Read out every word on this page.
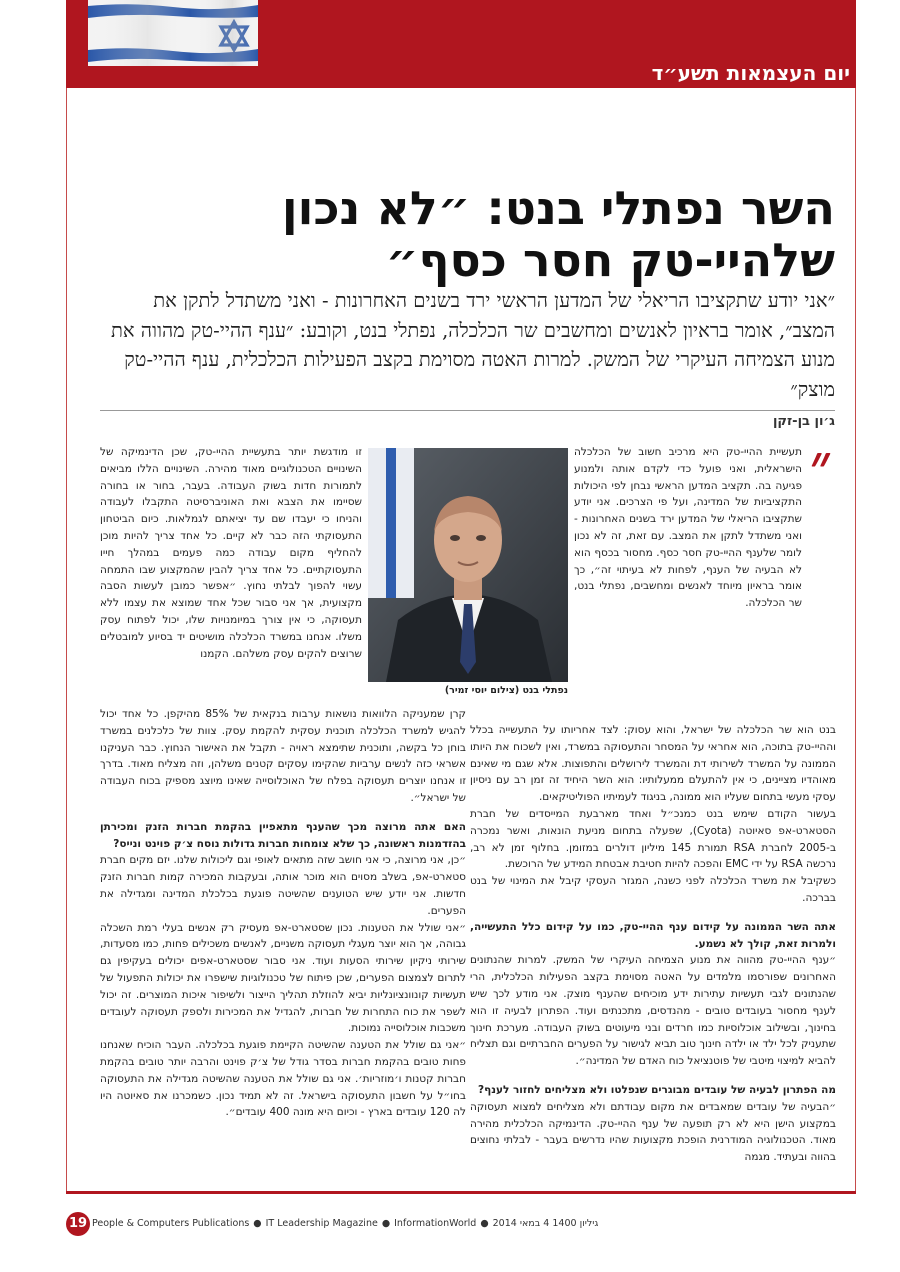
יום העצמאות תשע״ד
השר נפתלי בנט: ״לא נכון שלהיי-טק חסר כסף״
״אני יודע שתקציבו הריאלי של המדען הראשי ירד בשנים האחרונות - ואני משתדל לתקן את המצב״, אומר בראיון לאנשים ומחשבים שר הכלכלה, נפתלי בנט, וקובע: ״ענף ההיי-טק מהווה את מנוע הצמיחה העיקרי של המשק. למרות האטה מסוימת בקצב הפעילות הכלכלית, ענף ההיי-טק מוצק״
ג׳ון בן-זקן
״

תעשיית ההיי-טק היא מרכיב חשוב של הכלכלה הישראלית, ואני פועל כדי לקדם אותה ולמנוע פגיעה בה. תקציב המדען הראשי נבחן לפי היכולות התקציביות של המדינה, ועל פי הצרכים. אני יודע שתקציבו הריאלי של המדען ירד בשנים האחרונות - ואני משתדל לתקן את המצב. עם זאת, זה לא נכון לומר שלענף ההיי-טק חסר כסף. מחסור בכסף הוא לא הבעיה של הענף, לפחות לא בעיתוי זה״, כך אומר בראיון מיוחד לאנשים ומחשבים, נפתלי בנט, שר הכלכלה.

נפתלי בנט (צילום יוסי זמיר)

זו מודגשת יותר בתעשיית ההיי-טק, שכן הדינמיקה של השינויים הטכנולוגיים מאוד מהירה. השינויים הללו מביאים לתמורות חדות בשוק העבודה. בעבר, בחור או בחורה שסיימו את הצבא ואת האוניברסיטה התקבלו לעבודה והניחו כי יעבדו שם עד יציאתם לגמלאות. כיום הביטחון התעסוקתי הזה כבר לא קיים. כל אחד צריך להיות מוכן להחליף מקום עבודה כמה פעמים במהלך חייו התעסוקתיים. כל אחד צריך להבין שהמקצוע שבו התמחה עשוי להפוך לבלתי נחוץ. ״אפשר כמובן לעשות הסבה מקצועית, אך אני סבור שכל אחד שמוצא את עצמו ללא תעסוקה, כי אין צורך במיומנויות שלו, יכול לפתוח עסק משלו. אנחנו במשרד הכלכלה מושיטים יד בסיוע למובטלים שרוצים להקים עסק משלהם. הקמנו

בנט הוא שר הכלכלה של ישראל, והוא עסוק: לצד אחריותו על התעשייה בכלל וההיי-טק בתוכה, הוא אחראי על המסחר והתעסוקה במשרד, ואין לשכוח את היותו הממונה על המשרד לשירותי דת והמשרד לירושלים והתפוצות. אלא שגם מי שאינם מאוהדיו מציינים, כי אין להתעלם ממעלותיו: הוא השר היחיד זה זמן רב עם ניסיון עסקי מעשי בתחום שעליו הוא ממונה, בניגוד לעמיתיו הפוליטיקאים.

בעשור הקודם שימש בנט כמנכ״ל ואחד מארבעת המייסדים של חברת הסטארט-אפ סאיוטה (Cyota), שפעלה בתחום מניעת הונאות, ואשר נמכרה ב-2005 לחברת RSA תמורת 145 מיליון דולרים במזומן. בחלוף זמן לא רב, נרכשה RSA על ידי EMC והפכה להיות חטיבת אבטחת המידע של הרוכשת.

כשקיבל את משרד הכלכלה לפני כשנה, המגזר העסקי קיבל את המינוי של בנט בברכה.

אתה השר הממונה על קידום ענף ההיי-טק, כמו על קידום כלל התעשייה, ולמרות זאת, קולך לא נשמע.

״ענף ההיי-טק מהווה את מנוע הצמיחה העיקרי של המשק. למרות שהנתונים האחרונים שפורסמו מלמדים על האטה מסוימת בקצב הפעילות הכלכלית, הרי שהנתונים לגבי תעשיות עתירות ידע מוכיחים שהענף מוצק. אני מודע לכך שיש לענף מחסור בעובדים טובים - מהנדסים, מתכנתים ועוד. הפתרון לבעיה זו הוא בחינוך, ובשילוב אוכלוסיות כמו חרדים ובני מיעוטים בשוק העבודה. מערכת חינוך שתעניק לכל ילד או ילדה חינוך טוב תביא לגישור על הפערים החברתיים וגם תצליח להביא למיצוי מיטבי של פוטנציאל כוח האדם של המדינה״.

מה הפתרון לבעיה של עובדים מבוגרים שנפלטו ולא מצליחים לחזור לענף?

״הבעיה של עובדים שמאבדים את מקום עבודתם ולא מצליחים למצוא תעסוקה במקצוע הישן היא לא רק תופעה של ענף ההיי-טק. הדינמיקה הכלכלית מהירה מאוד. הטכנולוגיה המודרנית הופכת מקצועות שהיו נדרשים בעבר - לבלתי נחוצים בהווה ובעתיד. מגמה

קרן שמעניקה הלוואות נושאות ערבות בנקאית של 85% מהיקפן. כל אחד יכול להגיש למשרד הכלכלה תוכנית עסקית להקמת עסק. צוות של כלכלנים במשרד בוחן כל בקשה, ותוכנית שתימצא ראויה - תקבל את האישור הנחוץ. כבר העניקנו אשראי כזה לנשים ערביות שהקימו עסקים קטנים משלהן, וזה מצליח מאוד. בדרך זו אנחנו יוצרים תעסוקה בפלח של האוכלוסייה שאינו מיוצג מספיק בכוח העבודה של ישראל״.

האם אתה מרוצה מכך שהענף מתאפיין בהקמת חברות הזנק ומכירתן בהזדמנות ראשונה, כך שלא צומחות חברות גדולות נוסח צ׳ק פוינט ונייס?

״כן, אני מרוצה, כי אני חושב שזה מתאים לאופי וגם ליכולות שלנו. יזם מקים חברת סטארט-אפ, בשלב מסוים הוא מוכר אותה, ובעקבות המכירה קמות חברות הזנק חדשות. אני יודע שיש הטוענים שהשיטה פוגעת בכלכלת המדינה ומגדילה את הפערים.

״אני שולל את הטענות. נכון שסטארט-אפ מעסיק רק אנשים בעלי רמת השכלה גבוהה, אך הוא יוצר מעגלי תעסוקה משניים, לאנשים משכילים פחות, כמו מסעדות, שירותי ניקיון שירותי הסעות ועוד. אני סבור שסטארט-אפים יכולים בעקיפין גם לתרום לצמצום הפערים, שכן פיתוח של טכנולוגיות שישפרו את יכולות התפעול של תעשיות קונוונציונליות יביא להוזלת תהליך הייצור ולשיפור איכות המוצרים. זה יכול לשפר את כוח התחרות של חברות, להגדיל את המכירות ולספק תעסוקה לעובדים משכבות אוכלוסייה נמוכות.

״אני גם שולל את הטענה שהשיטה הקיימת פוגעת בכלכלה. העבר הוכיח שאנחנו פחות טובים בהקמת חברות בסדר גודל של צ׳ק פוינט והרבה יותר טובים בהקמת חברות קטנות ו׳מוזריות׳. אני גם שולל את הטענה שהשיטה מגדילה את התעסוקה בחו״ל על חשבון התעסוקה בישראל. זה לא תמיד נכון. כשמכרנו את סאיוטה היו לה 120 עובדים בארץ - וכיום היא מונה 400 עובדים״.

19 People & Computers Publications ● IT Leadership Magazine ● InformationWorld ● גיליון 1400 4 במאי 2014
